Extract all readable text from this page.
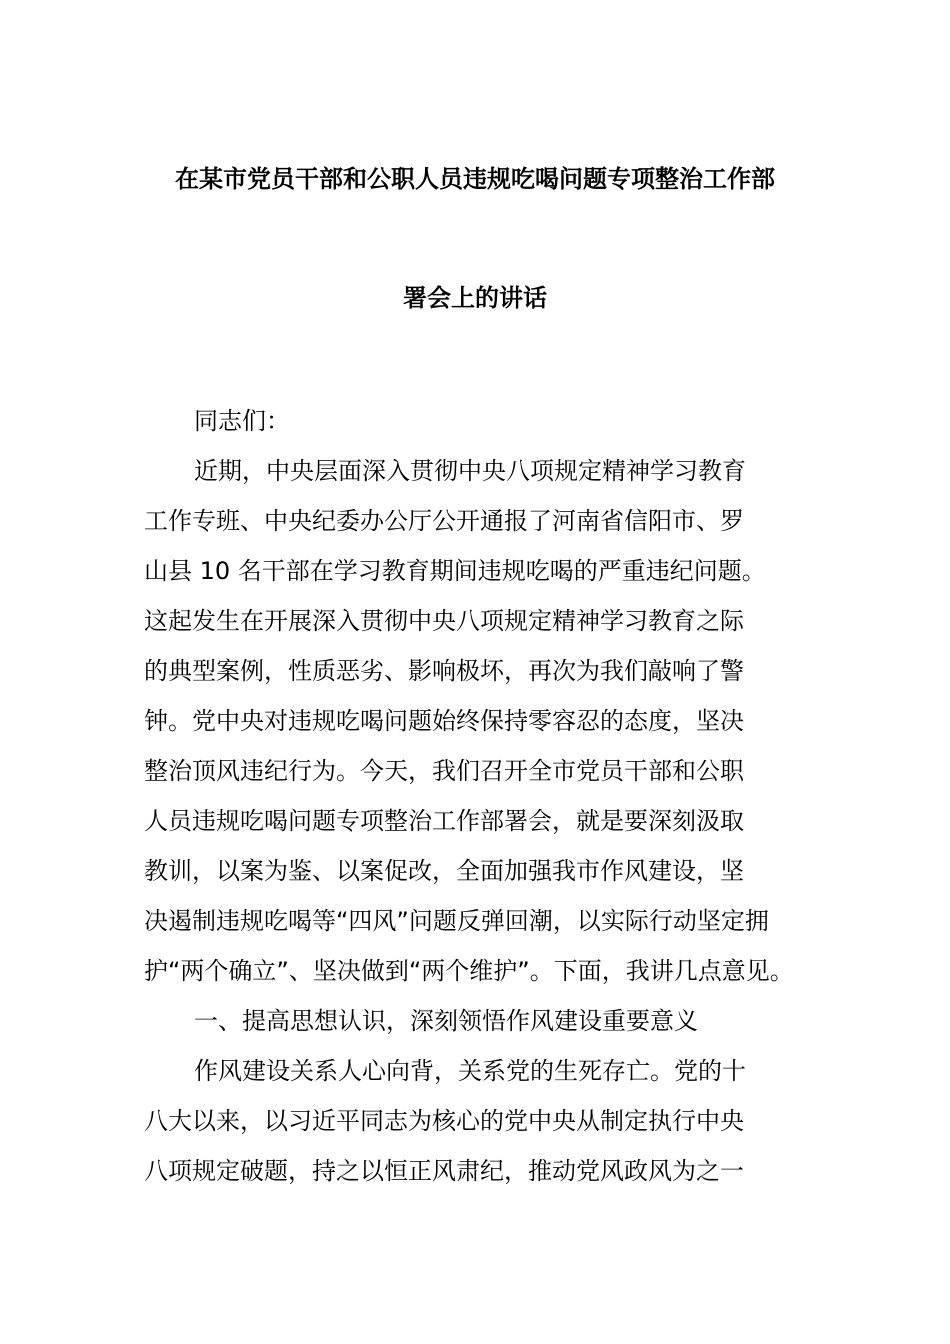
在某市党员干部和公职人员违规吃喝问题专项整治工作部
署会上的讲话
同志们：
近期，中央层面深入贯彻中央八项规定精神学习教育
工作专班、中央纪委办公厅公开通报了河南省信阳市、罗
山县 10 名干部在学习教育期间违规吃喝的严重违纪问题。
这起发生在开展深入贯彻中央八项规定精神学习教育之际
的典型案例，性质恶劣、影响极坏，再次为我们敲响了警
钟。党中央对违规吃喝问题始终保持零容忍的态度，坚决
整治顶风违纪行为。今天，我们召开全市党员干部和公职
人员违规吃喝问题专项整治工作部署会，就是要深刻汲取
教训，以案为鉴、以案促改，全面加强我市作风建设，坚
决遏制违规吃喝等“四风”问题反弹回潮，以实际行动坚定拥
护“两个确立”、坚决做到“两个维护”。下面，我讲几点意见。
一、提高思想认识，深刻领悟作风建设重要意义
作风建设关系人心向背，关系党的生死存亡。党的十
八大以来，以习近平同志为核心的党中央从制定执行中央
八项规定破题，持之以恒正风肃纪，推动党风政风为之一
